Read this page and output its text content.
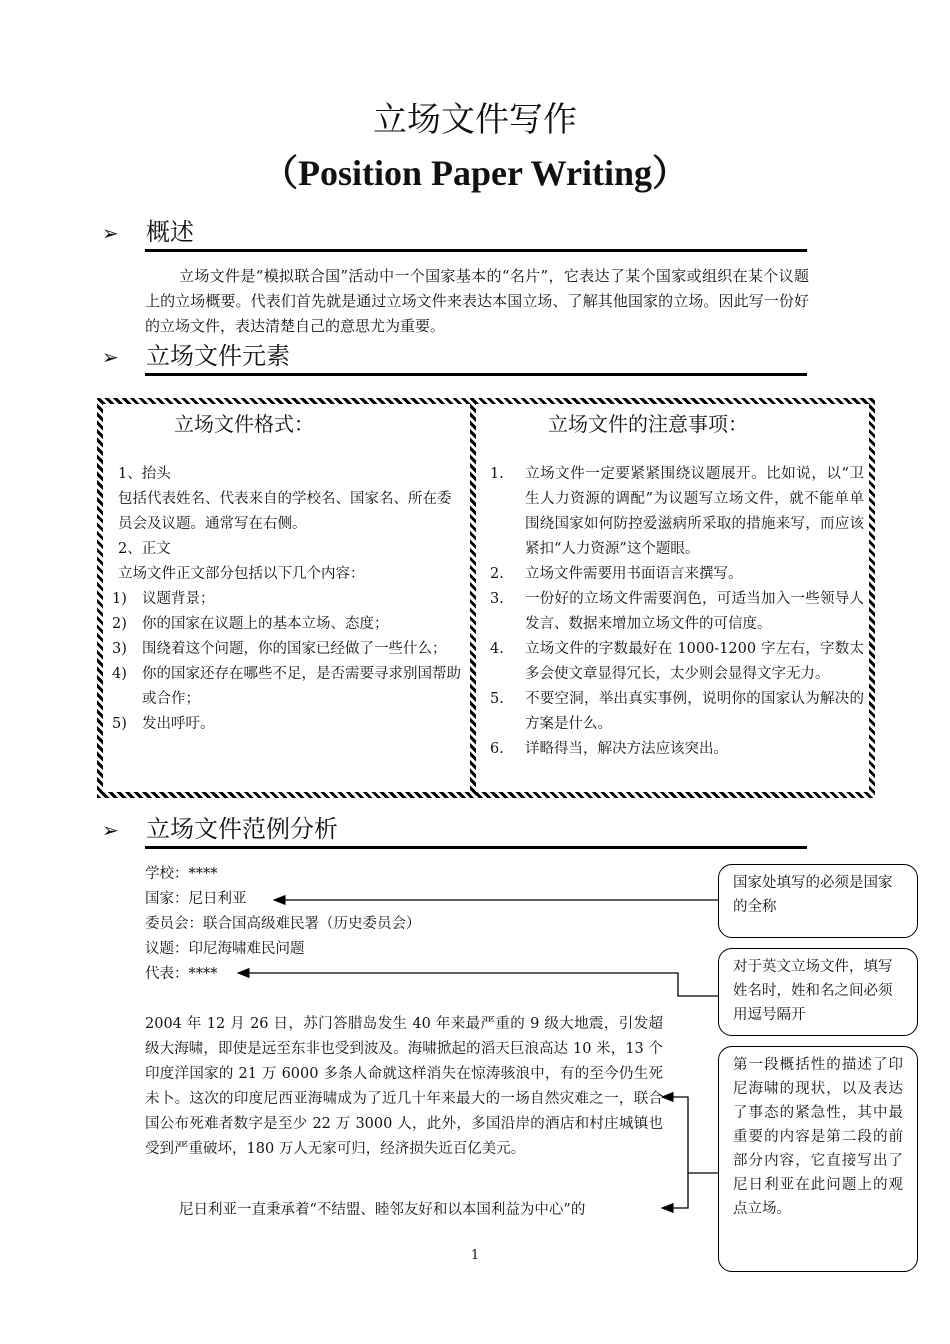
立场文件写作
（Position Paper Writing）
➢ 概述
立场文件是“模拟联合国”活动中一个国家基本的“名片”，它表达了某个国家或组织在某个议题上的立场概要。代表们首先就是通过立场文件来表达本国立场、了解其他国家的立场。因此写一份好的立场文件，表达清楚自己的意思尤为重要。
➢ 立场文件元素
立场文件格式：
1、抬头
包括代表姓名、代表来自的学校名、国家名、所在委员会及议题。通常写在右侧。
2、正文
立场文件正文部分包括以下几个内容：
1) 议题背景；
2) 你的国家在议题上的基本立场、态度；
3) 围绕着这个问题，你的国家已经做了一些什么；
4) 你的国家还存在哪些不足，是否需要寻求别国帮助或合作；
5) 发出呼吁。
立场文件的注意事项：
1. 立场文件一定要紧紧围绕议题展开。比如说，以“卫生人力资源的调配”为议题写立场文件，就不能单单围绕国家如何防控爱滋病所采取的措施来写，而应该紧扣“人力资源”这个题眼。
2. 立场文件需要用书面语言来撰写。
3. 一份好的立场文件需要润色，可适当加入一些领导人发言、数据来增加立场文件的可信度。
4. 立场文件的字数最好在 1000-1200 字左右，字数太多会使文章显得冗长，太少则会显得文字无力。
5. 不要空洞，举出真实事例，说明你的国家认为解决的方案是什么。
6. 详略得当，解决方法应该突出。
➢ 立场文件范例分析
学校：****
国家：尼日利亚
委员会：联合国高级难民署（历史委员会）
议题：印尼海啸难民问题
代表：****
2004 年 12 月 26 日，苏门答腊岛发生 40 年来最严重的 9 级大地震，引发超级大海啸，即使是远至东非也受到波及。海啸掀起的滔天巨浪高达 10 米，13 个印度洋国家的 21 万 6000 多条人命就这样消失在惊涛骇浪中，有的至今仍生死未卜。这次的印度尼西亚海啸成为了近几十年来最大的一场自然灾难之一，联合国公布死难者数字是至少 22 万 3000 人，此外，多国沿岸的酒店和村庄城镇也受到严重破坏，180 万人无家可归，经济损失近百亿美元。
尼日利亚一直秉承着“不结盟、睦邻友好和以本国利益为中心”的
国家处填写的必须是国家的全称
对于英文立场文件，填写姓名时，姓和名之间必须用逗号隔开
第一段概括性的描述了印尼海啸的现状，以及表达了事态的紧急性，其中最重要的内容是第二段的前部分内容，它直接写出了尼日利亚在此问题上的观点立场。
1
